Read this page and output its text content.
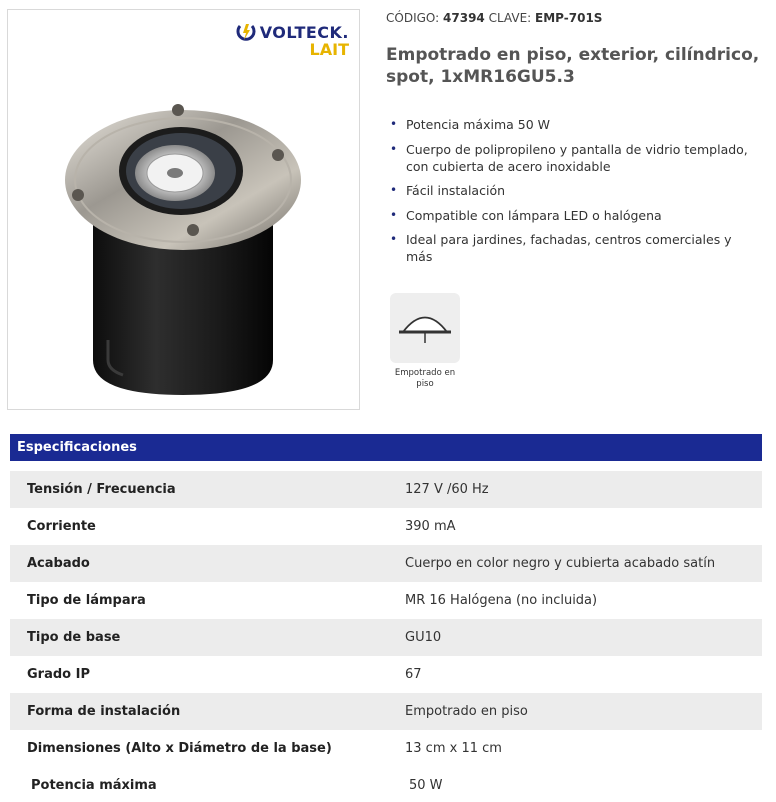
VOLTECK.
LAIT
CÓDIGO: 47394 CLAVE: EMP-701S
Empotrado en piso, exterior, cilíndrico, spot, 1xMR16GU5.3
• Potencia máxima 50 W
• Cuerpo de polipropileno y pantalla de vidrio templado, con cubierta de acero inoxidable
• Fácil instalación
• Compatible con lámpara LED o halógena
• Ideal para jardines, fachadas, centros comerciales y más
Empotrado en piso
Especificaciones
Tensión / Frecuencia	127 V /60 Hz
Corriente	390 mA
Acabado	Cuerpo en color negro y cubierta acabado satín
Tipo de lámpara	MR 16 Halógena (no incluida)
Tipo de base	GU10
Grado IP	67
Forma de instalación	Empotrado en piso
Dimensiones (Alto x Diámetro de la base)	13 cm x 11 cm
Potencia máxima	50 W
